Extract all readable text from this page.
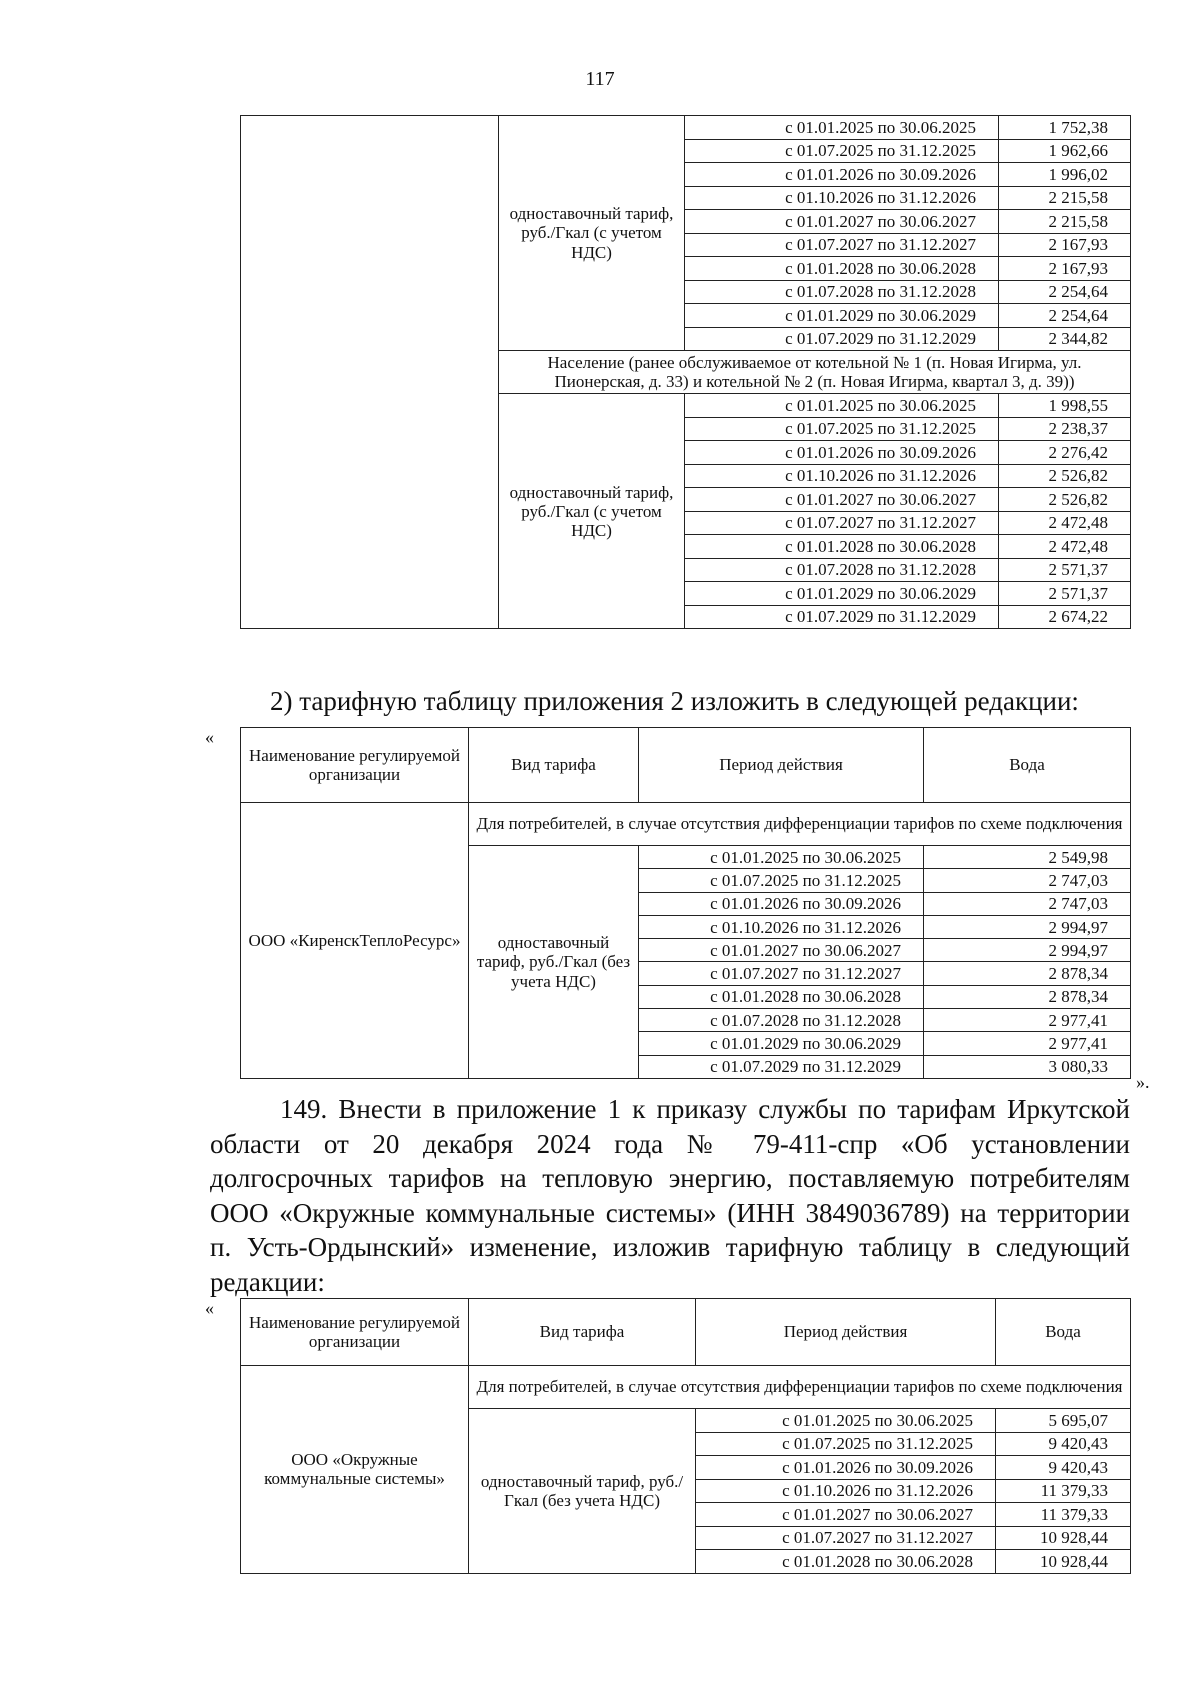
117
	одноставочный тариф, руб./Гкал (с учетом НДС)	с 01.01.2025 по 30.06.2025	1 752,38
		с 01.07.2025 по 31.12.2025	1 962,66
		с 01.01.2026 по 30.09.2026	1 996,02
		с 01.10.2026 по 31.12.2026	2 215,58
		с 01.01.2027 по 30.06.2027	2 215,58
		с 01.07.2027 по 31.12.2027	2 167,93
		с 01.01.2028 по 30.06.2028	2 167,93
		с 01.07.2028 по 31.12.2028	2 254,64
		с 01.01.2029 по 30.06.2029	2 254,64
		с 01.07.2029 по 31.12.2029	2 344,82
	Население (ранее обслуживаемое от котельной № 1 (п. Новая Игирма, ул. Пионерская, д. 33) и котельной № 2 (п. Новая Игирма, квартал 3, д. 39))		
	одноставочный тариф, руб./Гкал (с учетом НДС)	с 01.01.2025 по 30.06.2025	1 998,55
		с 01.07.2025 по 31.12.2025	2 238,37
		с 01.01.2026 по 30.09.2026	2 276,42
		с 01.10.2026 по 31.12.2026	2 526,82
		с 01.01.2027 по 30.06.2027	2 526,82
		с 01.07.2027 по 31.12.2027	2 472,48
		с 01.01.2028 по 30.06.2028	2 472,48
		с 01.07.2028 по 31.12.2028	2 571,37
		с 01.01.2029 по 30.06.2029	2 571,37
		с 01.07.2029 по 31.12.2029	2 674,22
2) тарифную таблицу приложения 2 изложить в следующей редакции:
«
Наименование регулируемой организации	Вид тарифа	Период действия	Вода
ООО «КиренскТеплоРесурс»	Для потребителей, в случае отсутствия дифференциации тарифов по схеме подключения		
	одноставочный тариф, руб./Гкал (без учета НДС)	с 01.01.2025 по 30.06.2025	2 549,98
		с 01.07.2025 по 31.12.2025	2 747,03
		с 01.01.2026 по 30.09.2026	2 747,03
		с 01.10.2026 по 31.12.2026	2 994,97
		с 01.01.2027 по 30.06.2027	2 994,97
		с 01.07.2027 по 31.12.2027	2 878,34
		с 01.01.2028 по 30.06.2028	2 878,34
		с 01.07.2028 по 31.12.2028	2 977,41
		с 01.01.2029 по 30.06.2029	2 977,41
		с 01.07.2029 по 31.12.2029	3 080,33
».
149. Внести в приложение 1 к приказу службы по тарифам Иркутской
области от 20 декабря 2024 года № 79-411-спр «Об установлении
долгосрочных тарифов на тепловую энергию, поставляемую потребителям
ООО «Окружные коммунальные системы» (ИНН 3849036789) на территории
п. Усть-Ордынский» изменение, изложив тарифную таблицу в следующий
редакции:
«
Наименование регулируемой организации	Вид тарифа	Период действия	Вода
ООО «Окружные коммунальные системы»	Для потребителей, в случае отсутствия дифференциации тарифов по схеме подключения		
	одноставочный тариф, руб./Гкал (без учета НДС)	с 01.01.2025 по 30.06.2025	5 695,07
		с 01.07.2025 по 31.12.2025	9 420,43
		с 01.01.2026 по 30.09.2026	9 420,43
		с 01.10.2026 по 31.12.2026	11 379,33
		с 01.01.2027 по 30.06.2027	11 379,33
		с 01.07.2027 по 31.12.2027	10 928,44
		с 01.01.2028 по 30.06.2028	10 928,44
